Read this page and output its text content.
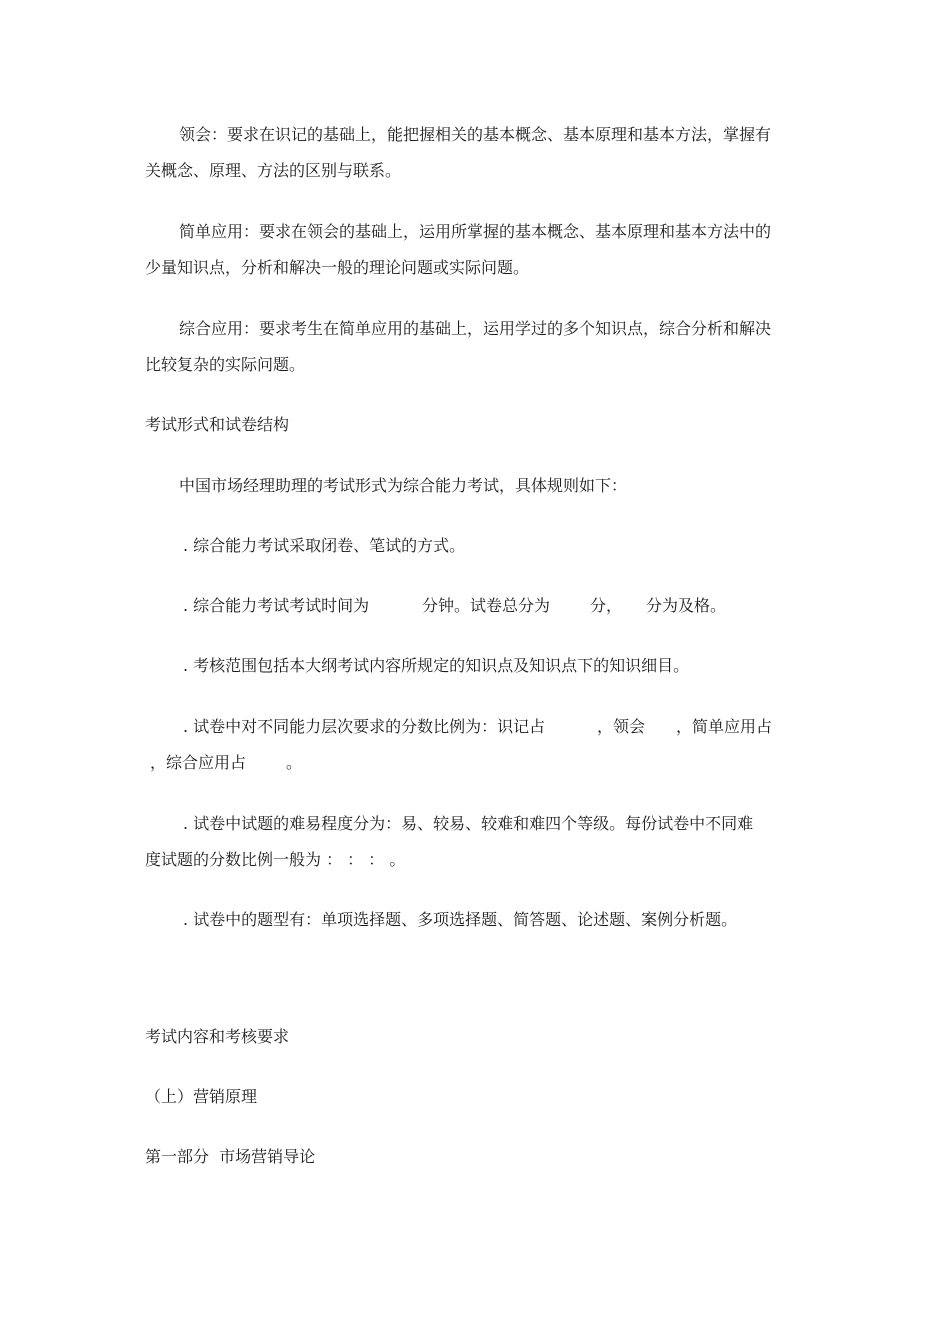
领会：要求在识记的基础上，能把握相关的基本概念、基本原理和基本方法，掌握有
关概念、原理、方法的区别与联系。
简单应用：要求在领会的基础上，运用所掌握的基本概念、基本原理和基本方法中的
少量知识点，分析和解决一般的理论问题或实际问题。
综合应用：要求考生在简单应用的基础上，运用学过的多个知识点，综合分析和解决
比较复杂的实际问题。
考试形式和试卷结构
中国市场经理助理的考试形式为综合能力考试，具体规则如下：
. 综合能力考试采取闭卷、笔试的方式。
. 综合能力考试考试时间为	分钟。试卷总分为 分， 分为及格。
. 考核范围包括本大纲考试内容所规定的知识点及知识点下的知识细目。
. 试卷中对不同能力层次要求的分数比例为：识记占	，领会 ，简单应用占
，综合应用占 。
. 试卷中试题的难易程度分为：易、较易、较难和难四个等级。每份试卷中不同难
度试题的分数比例一般为 ： ： ： 。
. 试卷中的题型有：单项选择题、多项选择题、简答题、论述题、案例分析题。
考试内容和考核要求
（上）营销原理
第一部分  市场营销导论
